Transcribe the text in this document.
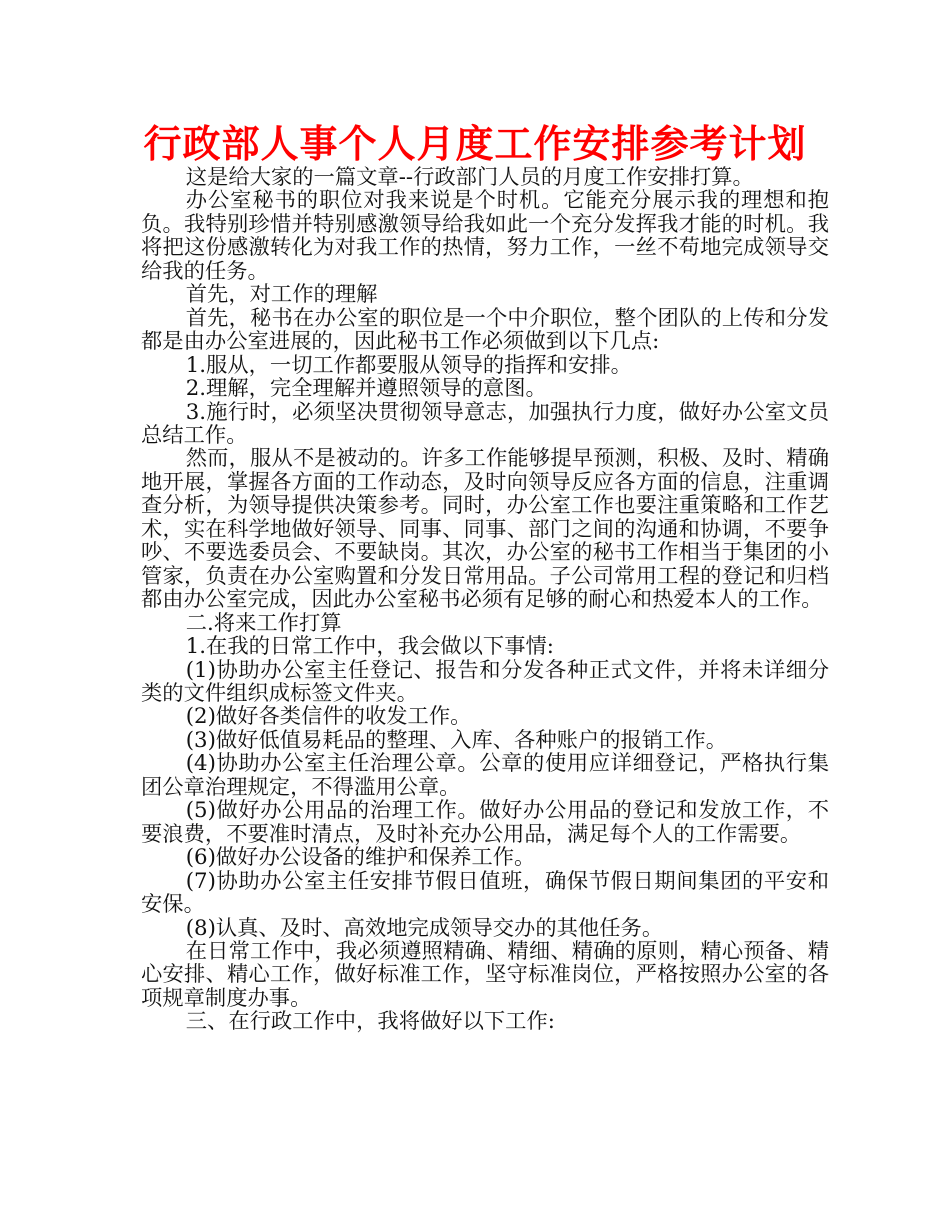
行政部人事个人月度工作安排参考计划

这是给大家的一篇文章--行政部门人员的月度工作安排打算。

办公室秘书的职位对我来说是个时机。它能充分展示我的理想和抱负。我特别珍惜并特别感激领导给我如此一个充分发挥我才能的时机。我将把这份感激转化为对我工作的热情，努力工作，一丝不苟地完成领导交给我的任务。

首先，对工作的理解

首先，秘书在办公室的职位是一个中介职位，整个团队的上传和分发都是由办公室进展的，因此秘书工作必须做到以下几点:

1.服从，一切工作都要服从领导的指挥和安排。

2.理解，完全理解并遵照领导的意图。

3.施行时，必须坚决贯彻领导意志，加强执行力度，做好办公室文员总结工作。

然而，服从不是被动的。许多工作能够提早预测，积极、及时、精确地开展，掌握各方面的工作动态，及时向领导反应各方面的信息，注重调查分析，为领导提供决策参考。同时，办公室工作也要注重策略和工作艺术，实在科学地做好领导、同事、同事、部门之间的沟通和协调，不要争吵、不要选委员会、不要缺岗。其次，办公室的秘书工作相当于集团的小管家，负责在办公室购置和分发日常用品。子公司常用工程的登记和归档都由办公室完成，因此办公室秘书必须有足够的耐心和热爱本人的工作。

二.将来工作打算

1.在我的日常工作中，我会做以下事情:

(1)协助办公室主任登记、报告和分发各种正式文件，并将未详细分类的文件组织成标签文件夹。

(2)做好各类信件的收发工作。

(3)做好低值易耗品的整理、入库、各种账户的报销工作。

(4)协助办公室主任治理公章。公章的使用应详细登记，严格执行集团公章治理规定，不得滥用公章。

(5)做好办公用品的治理工作。做好办公用品的登记和发放工作，不要浪费，不要准时清点，及时补充办公用品，满足每个人的工作需要。

(6)做好办公设备的维护和保养工作。

(7)协助办公室主任安排节假日值班，确保节假日期间集团的平安和安保。

(8)认真、及时、高效地完成领导交办的其他任务。

在日常工作中，我必须遵照精确、精细、精确的原则，精心预备、精心安排、精心工作，做好标准工作，坚守标准岗位，严格按照办公室的各项规章制度办事。

三、在行政工作中，我将做好以下工作:
